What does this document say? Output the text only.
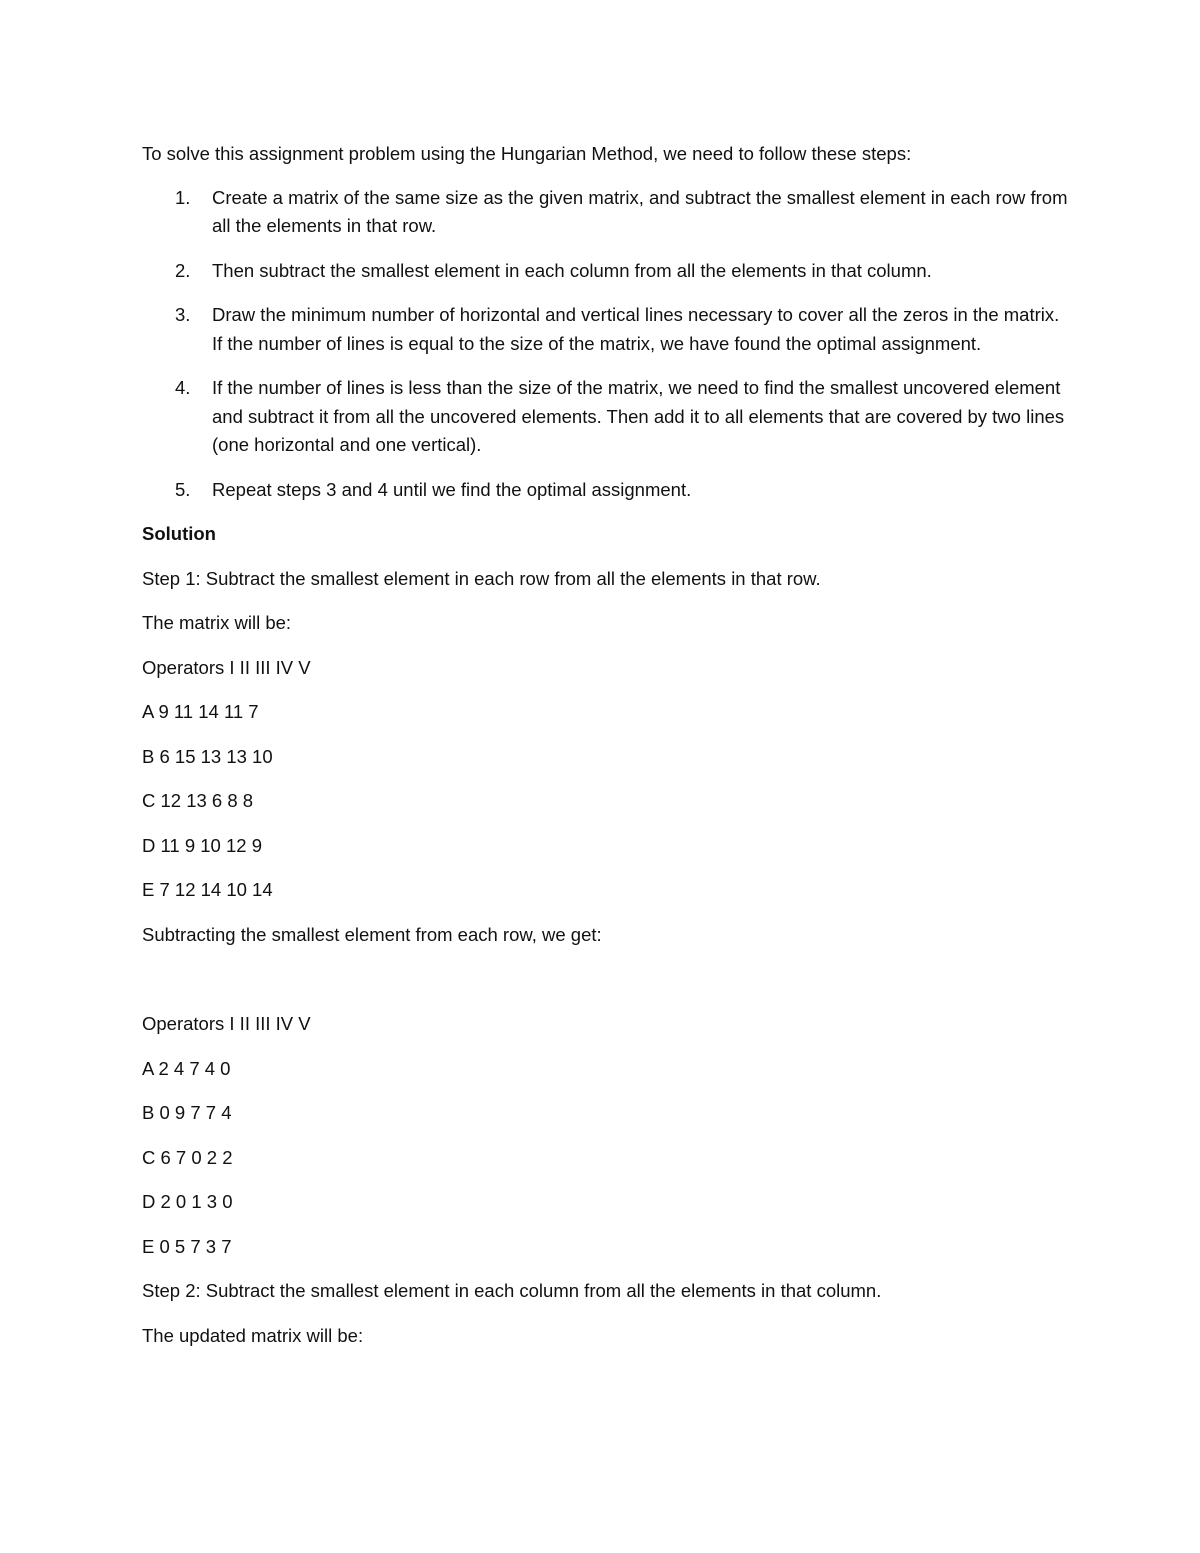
To solve this assignment problem using the Hungarian Method, we need to follow these steps:

1. Create a matrix of the same size as the given matrix, and subtract the smallest element in each row from all the elements in that row.
2. Then subtract the smallest element in each column from all the elements in that column.
3. Draw the minimum number of horizontal and vertical lines necessary to cover all the zeros in the matrix. If the number of lines is equal to the size of the matrix, we have found the optimal assignment.
4. If the number of lines is less than the size of the matrix, we need to find the smallest uncovered element and subtract it from all the uncovered elements. Then add it to all elements that are covered by two lines (one horizontal and one vertical).
5. Repeat steps 3 and 4 until we find the optimal assignment.

Solution

Step 1: Subtract the smallest element in each row from all the elements in that row.

The matrix will be:

Operators I II III IV V

A 9 11 14 11 7

B 6 15 13 13 10

C 12 13 6 8 8

D 11 9 10 12 9

E 7 12 14 10 14

Subtracting the smallest element from each row, we get:

Operators I II III IV V

A 2 4 7 4 0

B 0 9 7 7 4

C 6 7 0 2 2

D 2 0 1 3 0

E 0 5 7 3 7

Step 2: Subtract the smallest element in each column from all the elements in that column.

The updated matrix will be:
